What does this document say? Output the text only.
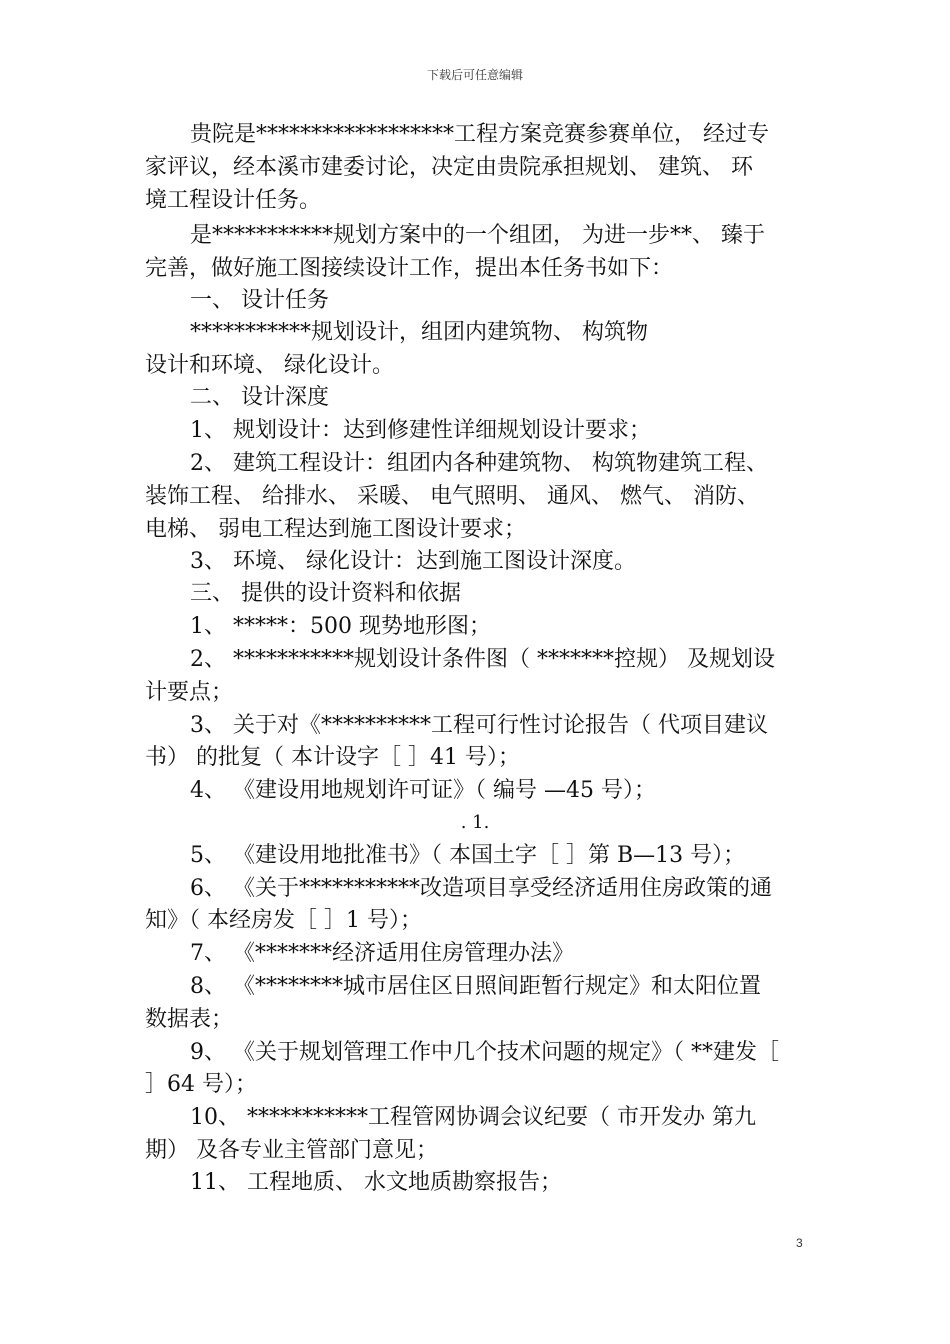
下载后可任意编辑
贵院是******************工程方案竞赛参赛单位， 经过专
家评议，经本溪市建委讨论，决定由贵院承担规划、 建筑、 环
境工程设计任务。
是***********规划方案中的一个组团， 为进一步**、 臻于
完善，做好施工图接续设计工作，提出本任务书如下：
一、 设计任务
***********规划设计，组团内建筑物、 构筑物
设计和环境、 绿化设计。
二、 设计深度
1、 规划设计：达到修建性详细规划设计要求；
2、 建筑工程设计：组团内各种建筑物、 构筑物建筑工程、
装饰工程、 给排水、 采暖、 电气照明、 通风、 燃气、 消防、
电梯、 弱电工程达到施工图设计要求；
3、 环境、 绿化设计：达到施工图设计深度。
三、 提供的设计资料和依据
1、 *****：500 现势地形图；
2、 ***********规划设计条件图（ *******控规） 及规划设
计要点；
3、 关于对《**********工程可行性讨论报告（ 代项目建议
书） 的批复（ 本计设字［ ］41 号）；
4、 《建设用地规划许可证》（ 编号 —45 号）；
5、 《建设用地批准书》（ 本国土字［ ］第 B—13 号）；
6、 《关于***********改造项目享受经济适用住房政策的通
知》（ 本经房发［ ］1 号）；
7、 《*******经济适用住房管理办法》
8、 《********城市居住区日照间距暂行规定》和太阳位置
数据表；
9、 《关于规划管理工作中几个技术问题的规定》（ **建发［
］64 号）；
10、 ***********工程管网协调会议纪要（ 市开发办 第九
期） 及各专业主管部门意见；
11、 工程地质、 水文地质勘察报告；
. 1.
3
